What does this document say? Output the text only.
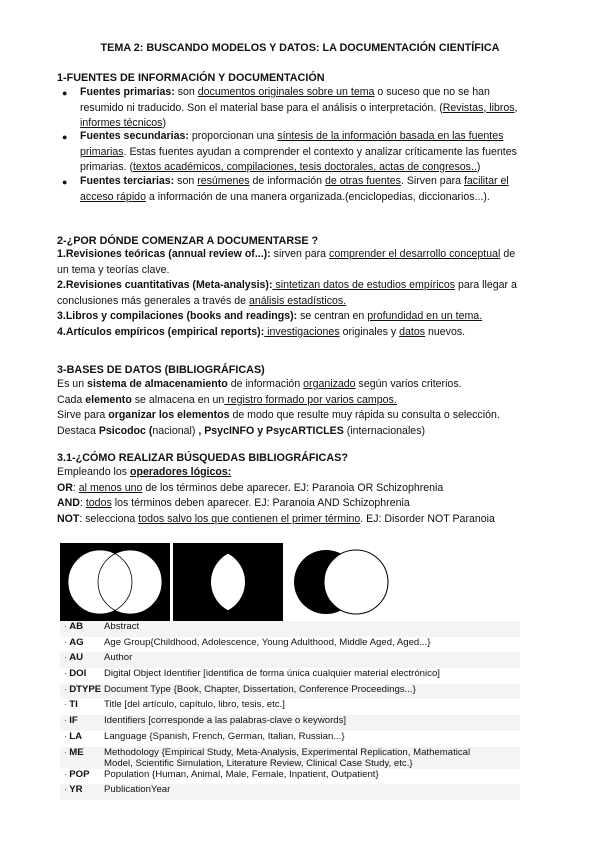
TEMA 2: BUSCANDO MODELOS Y DATOS: LA DOCUMENTACIÓN CIENTÍFICA
1-FUENTES DE INFORMACIÓN Y DOCUMENTACIÓN
● Fuentes primarias: son documentos originales sobre un tema o suceso que no se han
resumido ni traducido. Son el material base para el análisis o interpretación. (Revistas, libros,
informes técnicos)
● Fuentes secundarias: proporcionan una síntesis de la información basada en las fuentes
primarias. Estas fuentes ayudan a comprender el contexto y analizar críticamente las fuentes
primarias. (textos académicos, compilaciones, tesis doctorales, actas de congresos..)
● Fuentes terciarias: son resúmenes de información de otras fuentes. Sirven para facilitar el
acceso rápido a información de una manera organizada.(enciclopedias, diccionarios...).
2-¿POR DÓNDE COMENZAR A DOCUMENTARSE ?
1.Revisiones teóricas (annual review of...): sirven para comprender el desarrollo conceptual de
un tema y teorías clave.
2.Revisiones cuantitativas (Meta-analysis): sintetizan datos de estudios empíricos para llegar a
conclusiones más generales a través de análisis estadísticos.
3.Libros y compilaciones (books and readings): se centran en profundidad en un tema.
4.Artículos empíricos (empirical reports): investigaciones originales y datos nuevos.
3-BASES DE DATOS (BIBLIOGRÁFICAS)
Es un sistema de almacenamiento de información organizado según varios criterios.
Cada elemento se almacena en un registro formado por varios campos.
Sirve para organizar los elementos de modo que resulte muy rápida su consulta o selección.
Destaca Psicodoc (nacional) , PsycINFO y PsycARTICLES (internacionales)
3.1-¿CÓMO REALIZAR BÚSQUEDAS BIBLIOGRÁFICAS?
Empleando los operadores lógicos:
OR: al menos uno de los términos debe aparecer. EJ: Paranoia OR Schizophrenia
AND: todos los términos deben aparecer. EJ: Paranoia AND Schizophrenia
NOT: selecciona todos salvo los que contienen el primer término. EJ: Disorder NOT Paranoia
· AB	Abstract
· AG	Age Group{Childhood, Adolescence, Young Adulthood, Middle Aged, Aged...}
· AU	Author
· DOI	Digital Object Identifier [identifica de forma única cualquier material electrónico]
· DTYPE	Document Type {Book, Chapter, Dissertation, Conference Proceedings...}
· TI	Title [del artículo, capítulo, libro, tesis, etc.]
· IF	Identifiers [corresponde a las palabras-clave o keywords]
· LA	Language {Spanish, French, German, Italian, Russian...}
· ME	Methodology {Empirical Study, Meta-Analysis, Experimental Replication, Mathematical
Model, Scientific Simulation, Literature Review, Clinical Case Study, etc.}

· POP	Population {Human, Animal, Male, Female, Inpatient, Outpatient}
· YR	PublicationYear
